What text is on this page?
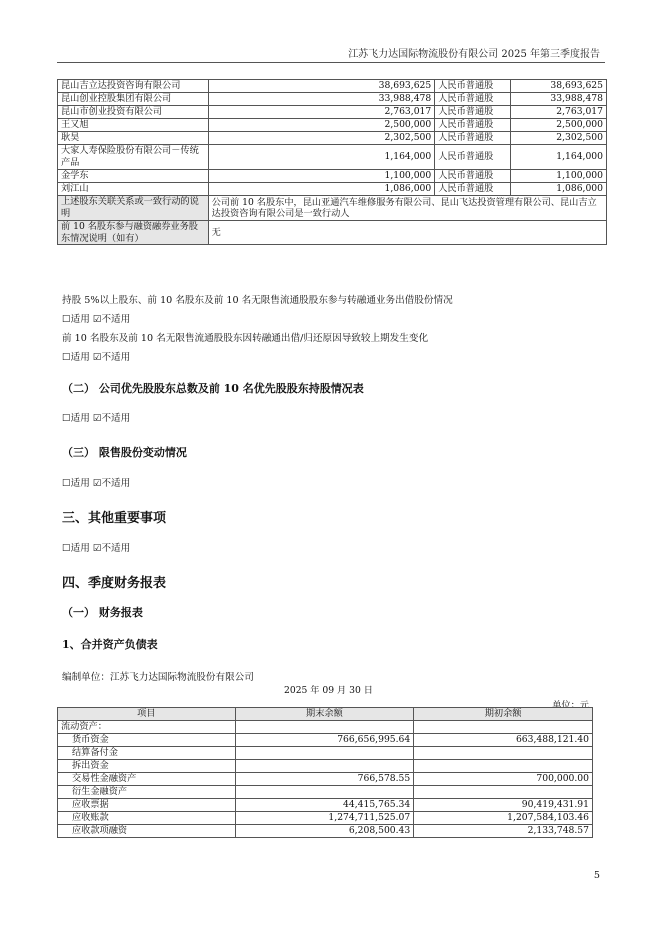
江苏飞力达国际物流股份有限公司 2025 年第三季度报告
昆山吉立达投资咨询有限公司	38,693,625	人民币普通股	38,693,625
昆山创业控股集团有限公司	33,988,478	人民币普通股	33,988,478
昆山市创业投资有限公司	2,763,017	人民币普通股	2,763,017
王又旭	2,500,000	人民币普通股	2,500,000
耿昊	2,302,500	人民币普通股	2,302,500
大家人寿保险股份有限公司－传统产品	1,164,000	人民币普通股	1,164,000
金学东	1,100,000	人民币普通股	1,100,000
刘江山	1,086,000	人民币普通股	1,086,000
上述股东关联关系或一致行动的说明	公司前 10 名股东中，昆山亚通汽车维修服务有限公司、昆山飞达投资管理有限公司、昆山吉立达投资咨询有限公司是一致行动人		
前 10 名股东参与融资融券业务股东情况说明（如有）	无		
持股 5%以上股东、前 10 名股东及前 10 名无限售流通股股东参与转融通业务出借股份情况
☐适用 ☑不适用
前 10 名股东及前 10 名无限售流通股股东因转融通出借/归还原因导致较上期发生变化
☐适用 ☑不适用
（二） 公司优先股股东总数及前 10 名优先股股东持股情况表
☐适用 ☑不适用
（三） 限售股份变动情况
☐适用 ☑不适用
三、其他重要事项
☐适用 ☑不适用
四、季度财务报表
（一） 财务报表
1、合并资产负债表
编制单位：江苏飞力达国际物流股份有限公司
2025 年 09 月 30 日
单位：元
项目	期末余额	期初余额
流动资产：		
货币资金	766,656,995.64	663,488,121.40
结算备付金		
拆出资金		
交易性金融资产	766,578.55	700,000.00
衍生金融资产		
应收票据	44,415,765.34	90,419,431.91
应收账款	1,274,711,525.07	1,207,584,103.46
应收款项融资	6,208,500.43	2,133,748.57
5
